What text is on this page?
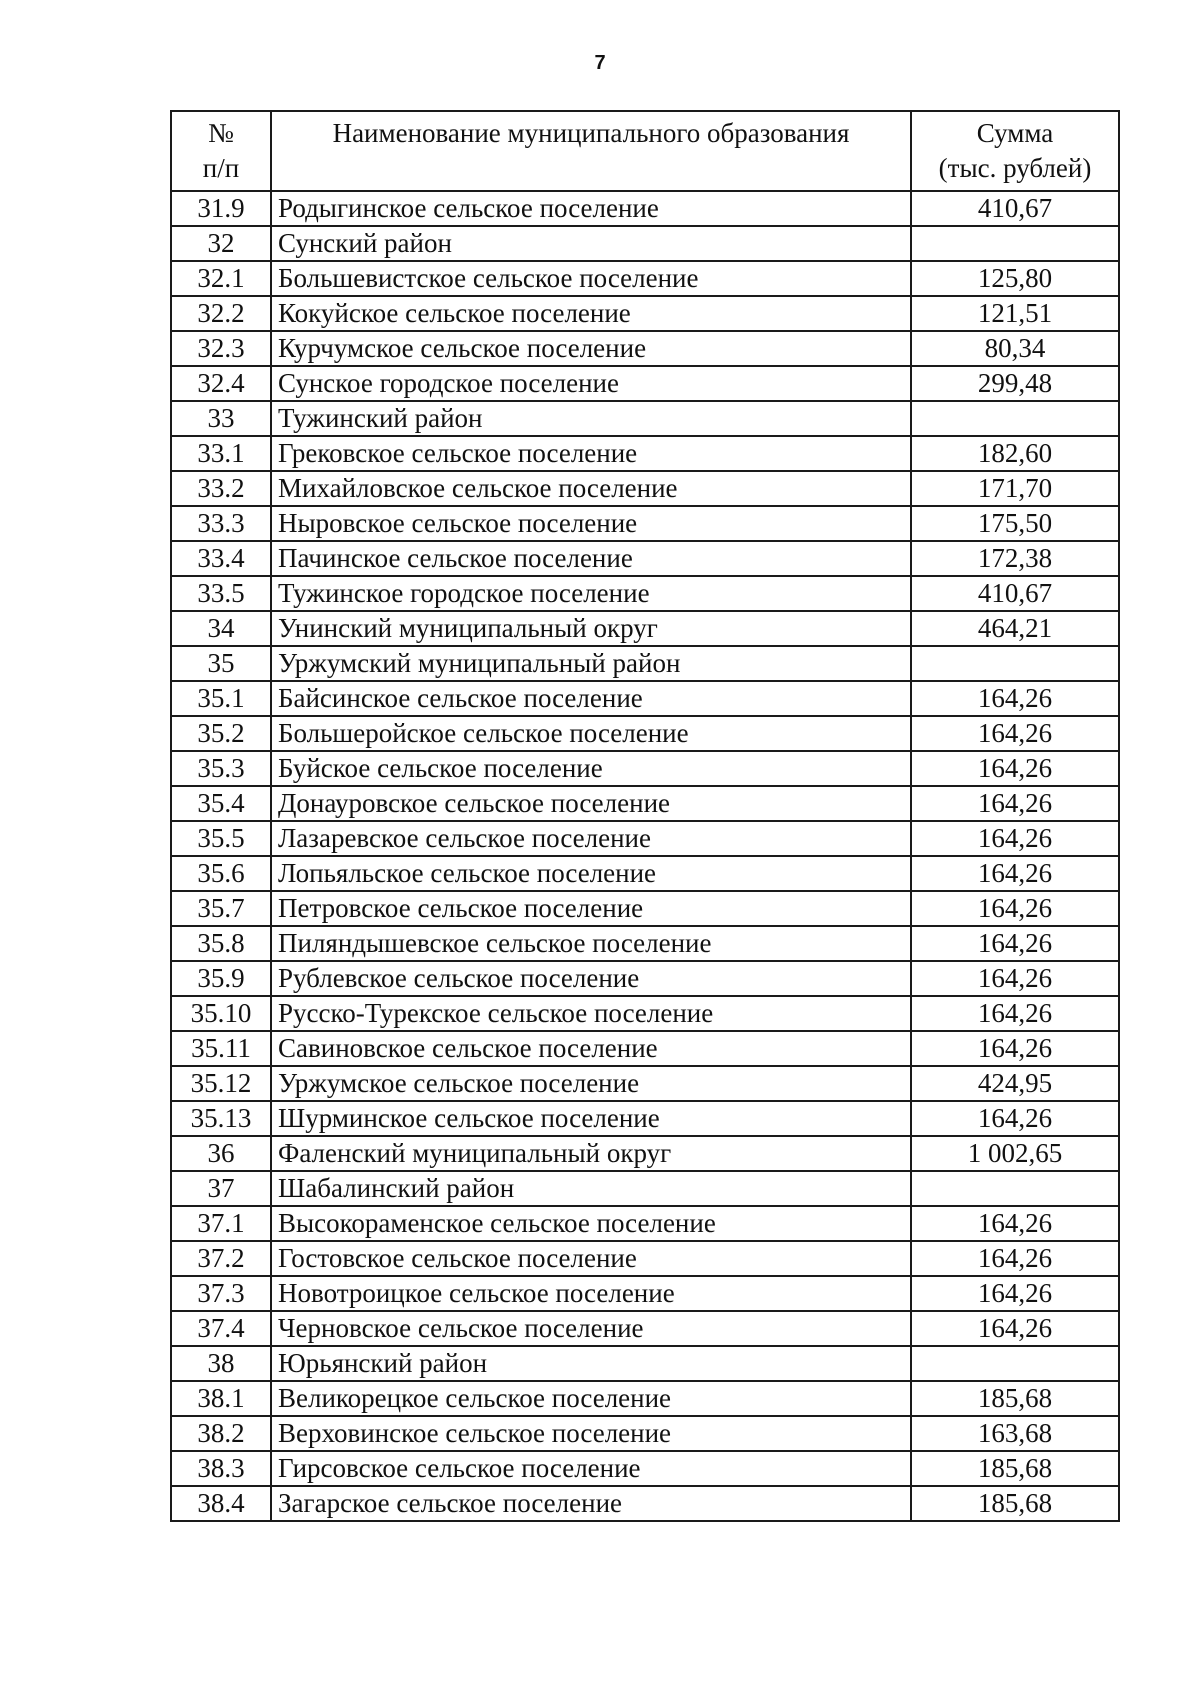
7
№
п/п	Наименование муниципального образования	Сумма
(тыс. рублей)

31.9	Родыгинское сельское поселение	410,67
32	Сунский район	
32.1	Большевистское сельское поселение	125,80
32.2	Кокуйское сельское поселение	121,51
32.3	Курчумское сельское поселение	80,34
32.4	Сунское городское поселение	299,48
33	Тужинский район	
33.1	Грековское сельское поселение	182,60
33.2	Михайловское сельское поселение	171,70
33.3	Ныровское сельское поселение	175,50
33.4	Пачинское сельское поселение	172,38
33.5	Тужинское городское поселение	410,67
34	Унинский муниципальный округ	464,21
35	Уржумский муниципальный район	
35.1	Байсинское сельское поселение	164,26
35.2	Большеройское сельское поселение	164,26
35.3	Буйское сельское поселение	164,26
35.4	Донауровское сельское поселение	164,26
35.5	Лазаревское сельское поселение	164,26
35.6	Лопьяльское сельское поселение	164,26
35.7	Петровское сельское поселение	164,26
35.8	Пиляндышевское сельское поселение	164,26
35.9	Рублевское сельское поселение	164,26
35.10	Русско-Турекское сельское поселение	164,26
35.11	Савиновское сельское поселение	164,26
35.12	Уржумское сельское поселение	424,95
35.13	Шурминское сельское поселение	164,26
36	Фаленский муниципальный округ	1 002,65
37	Шабалинский район	
37.1	Высокораменское сельское поселение	164,26
37.2	Гостовское сельское поселение	164,26
37.3	Новотроицкое сельское поселение	164,26
37.4	Черновское сельское поселение	164,26
38	Юрьянский район	
38.1	Великорецкое сельское поселение	185,68
38.2	Верховинское сельское поселение	163,68
38.3	Гирсовское сельское поселение	185,68
38.4	Загарское сельское поселение	185,68
